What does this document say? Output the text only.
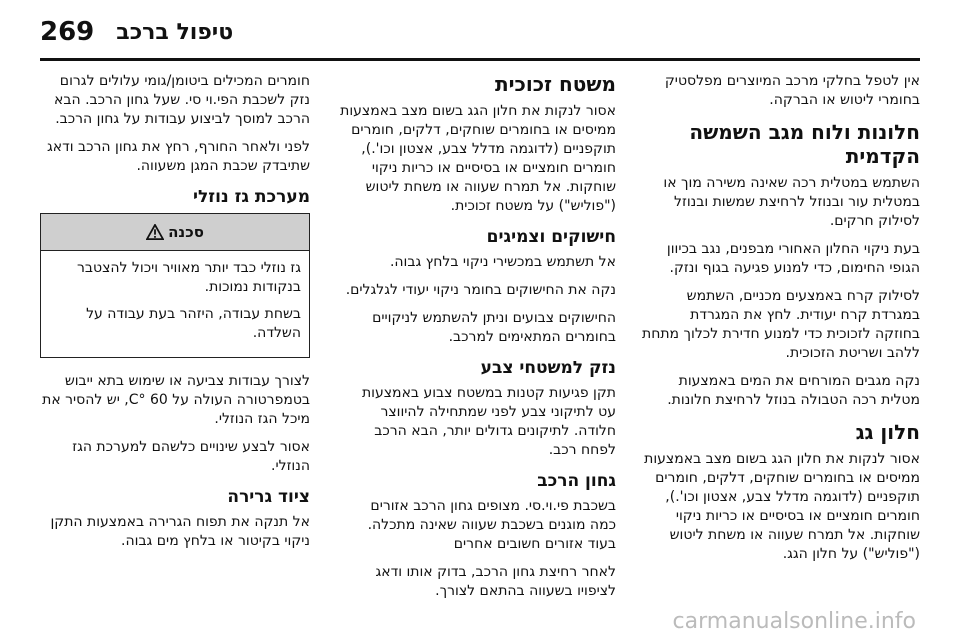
269 טיפול ברכב

אין לטפל בחלקי מרכב המיוצרים מפלסטיק בחומרי ליטוש או הברקה.

חלונות ולוח מגב השמשה הקדמית

השתמש במטלית רכה שאינה משירה מוך או במטלית עור ובנוזל לרחיצת שמשות ובנוזל לסילוק חרקים.

בעת ניקוי החלון האחורי מבפנים, נגב בכיוון הגופי החימום, כדי למנוע פגיעה בגוף ונזק.

לסילוק קרח באמצעים מכניים, השתמש במגרדת קרח יעודית. לחץ את המגרדת בחוזקה לזכוכית כדי למנוע חדירת לכלוך מתחת ללהב ושריטת הזכוכית.

נקה מגבים המורחים את המים באמצעות מטלית רכה הטבולה בנוזל לרחיצת חלונות.

חלון גג

אסור לנקות את חלון הגג בשום מצב באמצעות ממיסים או בחומרים שוחקים, דלקים, חומרים תוקפניים (לדוגמה מדלל צבע, אצטון וכו'.), חומרים חומציים או בסיסיים או כריות ניקוי שוחקות. אל תמרח שעווה או משחת ליטוש ("פוליש") על חלון הגג.

משטח זכוכית

אסור לנקות את חלון הגג בשום מצב באמצעות ממיסים או בחומרים שוחקים, דלקים, חומרים תוקפניים (לדוגמה מדלל צבע, אצטון וכו'.), חומרים חומציים או בסיסיים או כריות ניקוי שוחקות. אל תמרח שעווה או משחת ליטוש ("פוליש") על משטח זכוכית.

חישוקים וצמיגים

אל תשתמש במכשירי ניקוי בלחץ גבוה.

נקה את החישוקים בחומר ניקוי יעודי לגלגלים.

החישוקים צבועים וניתן להשתמש לניקויים בחומרים המתאימים למרכב.

נזק למשטחי צבע

תקן פגיעות קטנות במשטח צבוע באמצעות עט לתיקוני צבע לפני שמתחילה להיווצר חלודה. לתיקונים גדולים יותר, הבא הרכב לפחח רכב.

גחון הרכב

בשכבת פי.וי.סי. מצופים גחון הרכב אזורים כמה מוגנים בשכבת שעווה שאינה מתכלה. בעוד אזורים חשובים אחרים

לאחר רחיצת גחון הרכב, בדוק אותו ודאג לציפויו בשעווה בהתאם לצורך.

חומרים המכילים ביטומן/גומי עלולים לגרום נזק לשכבת הפי.וי סי. שעל גחון הרכב. הבא הרכב למוסך לביצוע עבודות על גחון הרכב.

לפני ולאחר החורף, רחץ את גחון הרכב ודאג שתיבדק שכבת המגן משעווה.

מערכת גז נוזלי
סכנה

גז נוזלי כבד יותר מאוויר ויכול להצטבר בנקודות נמוכות.

בשחת עבודה, היזהר בעת עבודה על השלדה.

לצורך עבודות צביעה או שימוש בתא ייבוש בטמפרטורה העולה על 60 °C, יש להסיר את מיכל הגז הנוזלי.

אסור לבצע שינויים כלשהם למערכת הגז הנוזלי.

ציוד גרירה

אל תנקה את תפוח הגרירה באמצעות התקן ניקוי בקיטור או בלחץ מים גבוה.

carmanualsonline.info
